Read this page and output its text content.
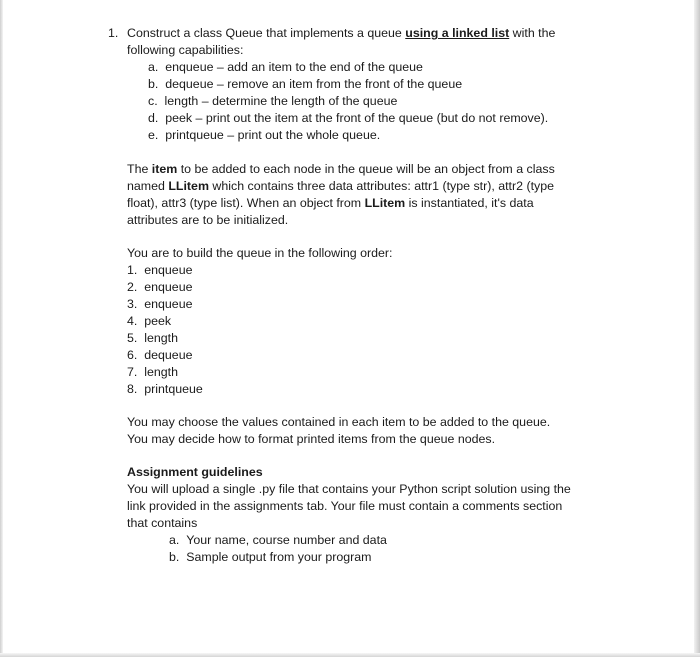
1. Construct a class Queue that implements a queue using a linked list with the
following capabilities:
a. enqueue – add an item to the end of the queue
b. dequeue – remove an item from the front of the queue
c. length – determine the length of the queue
d. peek – print out the item at the front of the queue (but do not remove).
e. printqueue – print out the whole queue.
The item to be added to each node in the queue will be an object from a class
named LLitem which contains three data attributes: attr1 (type str), attr2 (type
float), attr3 (type list). When an object from LLitem is instantiated, it's data
attributes are to be initialized.
You are to build the queue in the following order:
1. enqueue
2. enqueue
3. enqueue
4. peek
5. length
6. dequeue
7. length
8. printqueue
You may choose the values contained in each item to be added to the queue.
You may decide how to format printed items from the queue nodes.
Assignment guidelines
You will upload a single .py file that contains your Python script solution using the
link provided in the assignments tab. Your file must contain a comments section
that contains
a. Your name, course number and data
b. Sample output from your program
